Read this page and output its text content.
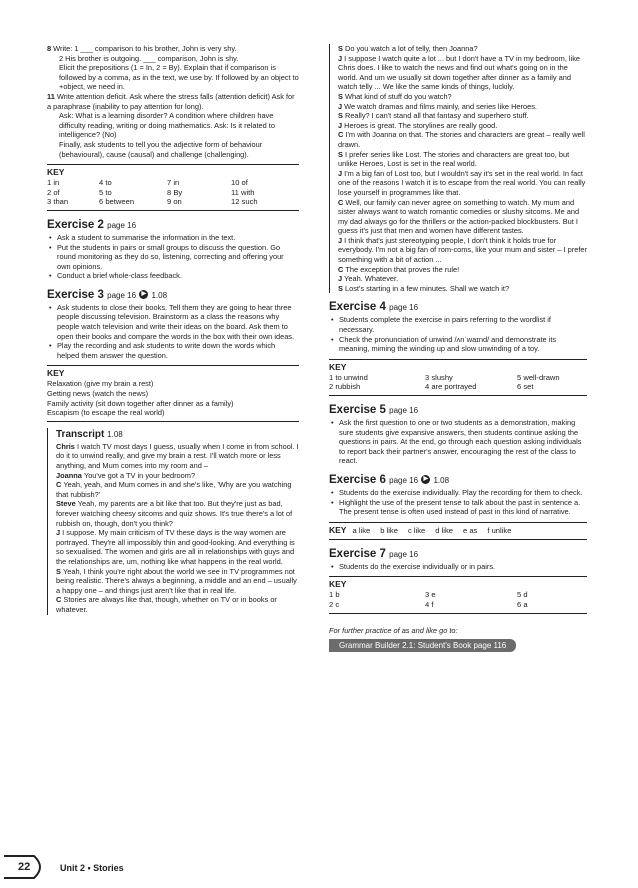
8 Write: 1 ___ comparison to his brother, John is very shy.

2 His brother is outgoing. ___ comparison, John is shy.

Elicit the prepositions (1 = In, 2 = By). Explain that if comparison is followed by a comma, as in the text, we use by. If followed by an object to +object, we need in.

11 Write attention deficit. Ask where the stress falls (attention deficit) Ask for a paraphrase (inability to pay attention for long).

Ask: What is a learning disorder? A condition where children have difficulty reading, writing or doing mathematics. Ask: Is it related to intelligence? (No)

Finally, ask students to tell you the adjective form of behaviour (behavioural), cause (causal) and challenge (challenging).

KEY
1 in	4 to	7 in	10 of
2 of	5 to	8 By	11 with
3 than	6 between	9 on	12 such
Exercise 2 page 16
• Ask a student to summarise the information in the text.
• Put the students in pairs or small groups to discuss the question. Go round monitoring as they do so, listening, correcting and offering your own opinions.
• Conduct a brief whole-class feedback.
Exercise 3 page 16 ▶ 1.08
• Ask students to close their books. Tell them they are going to hear three people discussing television. Brainstorm as a class the reasons why people watch television and write their ideas on the board. Ask them to open their books and compare the words in the box with their own ideas.
• Play the recording and ask students to write down the words which helped them answer the question.
KEY

Relaxation (give my brain a rest)

Getting news (watch the news)

Family activity (sit down together after dinner as a family)

Escapism (to escape the real world)

Transcript 1.08

Chris I watch TV most days I guess, usually when I come in from school. I do it to unwind really, and give my brain a rest. I'll watch more or less anything, and Mum comes into my room and –

Joanna You've got a TV in your bedroom?

C Yeah, yeah, and Mum comes in and she's like, 'Why are you watching that rubbish?'

Steve Yeah, my parents are a bit like that too. But they're just as bad, forever watching cheesy sitcoms and quiz shows. It's true there's a lot of rubbish on, though, don't you think?

J I suppose. My main criticism of TV these days is the way women are portrayed. They're all impossibly thin and good-looking. And everything is so sexualised. The women and girls are all in relationships with guys and the relationships are, um, nothing like what happens in the real world.

S Yeah, I think you're right about the world we see in TV programmes not being realistic. There's always a beginning, a middle and an end – usually a happy one – and things just aren't like that in real life.

C Stories are always like that, though, whether on TV or in books or whatever.

S Do you watch a lot of telly, then Joanna?

J I suppose I watch quite a lot ... but I don't have a TV in my bedroom, like Chris does. I like to watch the news and find out what's going on in the world. And um we usually sit down together after dinner as a family and watch telly ... We like the same kinds of things, luckily.

S What kind of stuff do you watch?

J We watch dramas and films mainly, and series like Heroes.

S Really? I can't stand all that fantasy and superhero stuff.

J Heroes is great. The storylines are really good.

C I'm with Joanna on that. The stories and characters are great – really well drawn.

S I prefer series like Lost. The stories and characters are great too, but unlike Heroes, Lost is set in the real world.

J I'm a big fan of Lost too, but I wouldn't say it's set in the real world. In fact one of the reasons I watch it is to escape from the real world. You can really lose yourself in programmes like that.

C Well, our family can never agree on something to watch. My mum and sister always want to watch romantic comedies or slushy sitcoms. Me and my dad always go for the thrillers or the action-packed blockbusters. But I guess it's just that men and women have different tastes.

J I think that's just stereotyping people, I don't think it holds true for everybody. I'm not a big fan of rom-coms, like your mum and sister – I prefer something with a bit of action ...

C The exception that proves the rule!

J Yeah. Whatever.

S Lost's starting in a few minutes. Shall we watch it?

Exercise 4 page 16
• Students complete the exercise in pairs referring to the wordlist if necessary.
• Check the pronunciation of unwind /ʌnˈwaɪnd/ and demonstrate its meaning, miming the winding up and slow unwinding of a toy.
KEY
1 to unwind	3 slushy	5 well-drawn
2 rubbish	4 are portrayed	6 set
Exercise 5 page 16
• Ask the first question to one or two students as a demonstration, making sure students give expansive answers, then students continue asking the questions in pairs. At the end, go through each question asking individuals to report back their partner's answer, encouraging the rest of the class to react.
Exercise 6 page 16 ▶ 1.08
• Students do the exercise individually. Play the recording for them to check.
• Highlight the use of the present tense to talk about the past in sentence a. The present tense is often used instead of past in this kind of narrative.
KEY a like b like c like d like e as f unlike
Exercise 7 page 16
• Students do the exercise individually or in pairs.
KEY
1 b	3 e	5 d
2 c	4 f	6 a

For further practice of as and like go to:

Grammar Builder 2.1: Student's Book page 116
22	Unit 2 • Stories
